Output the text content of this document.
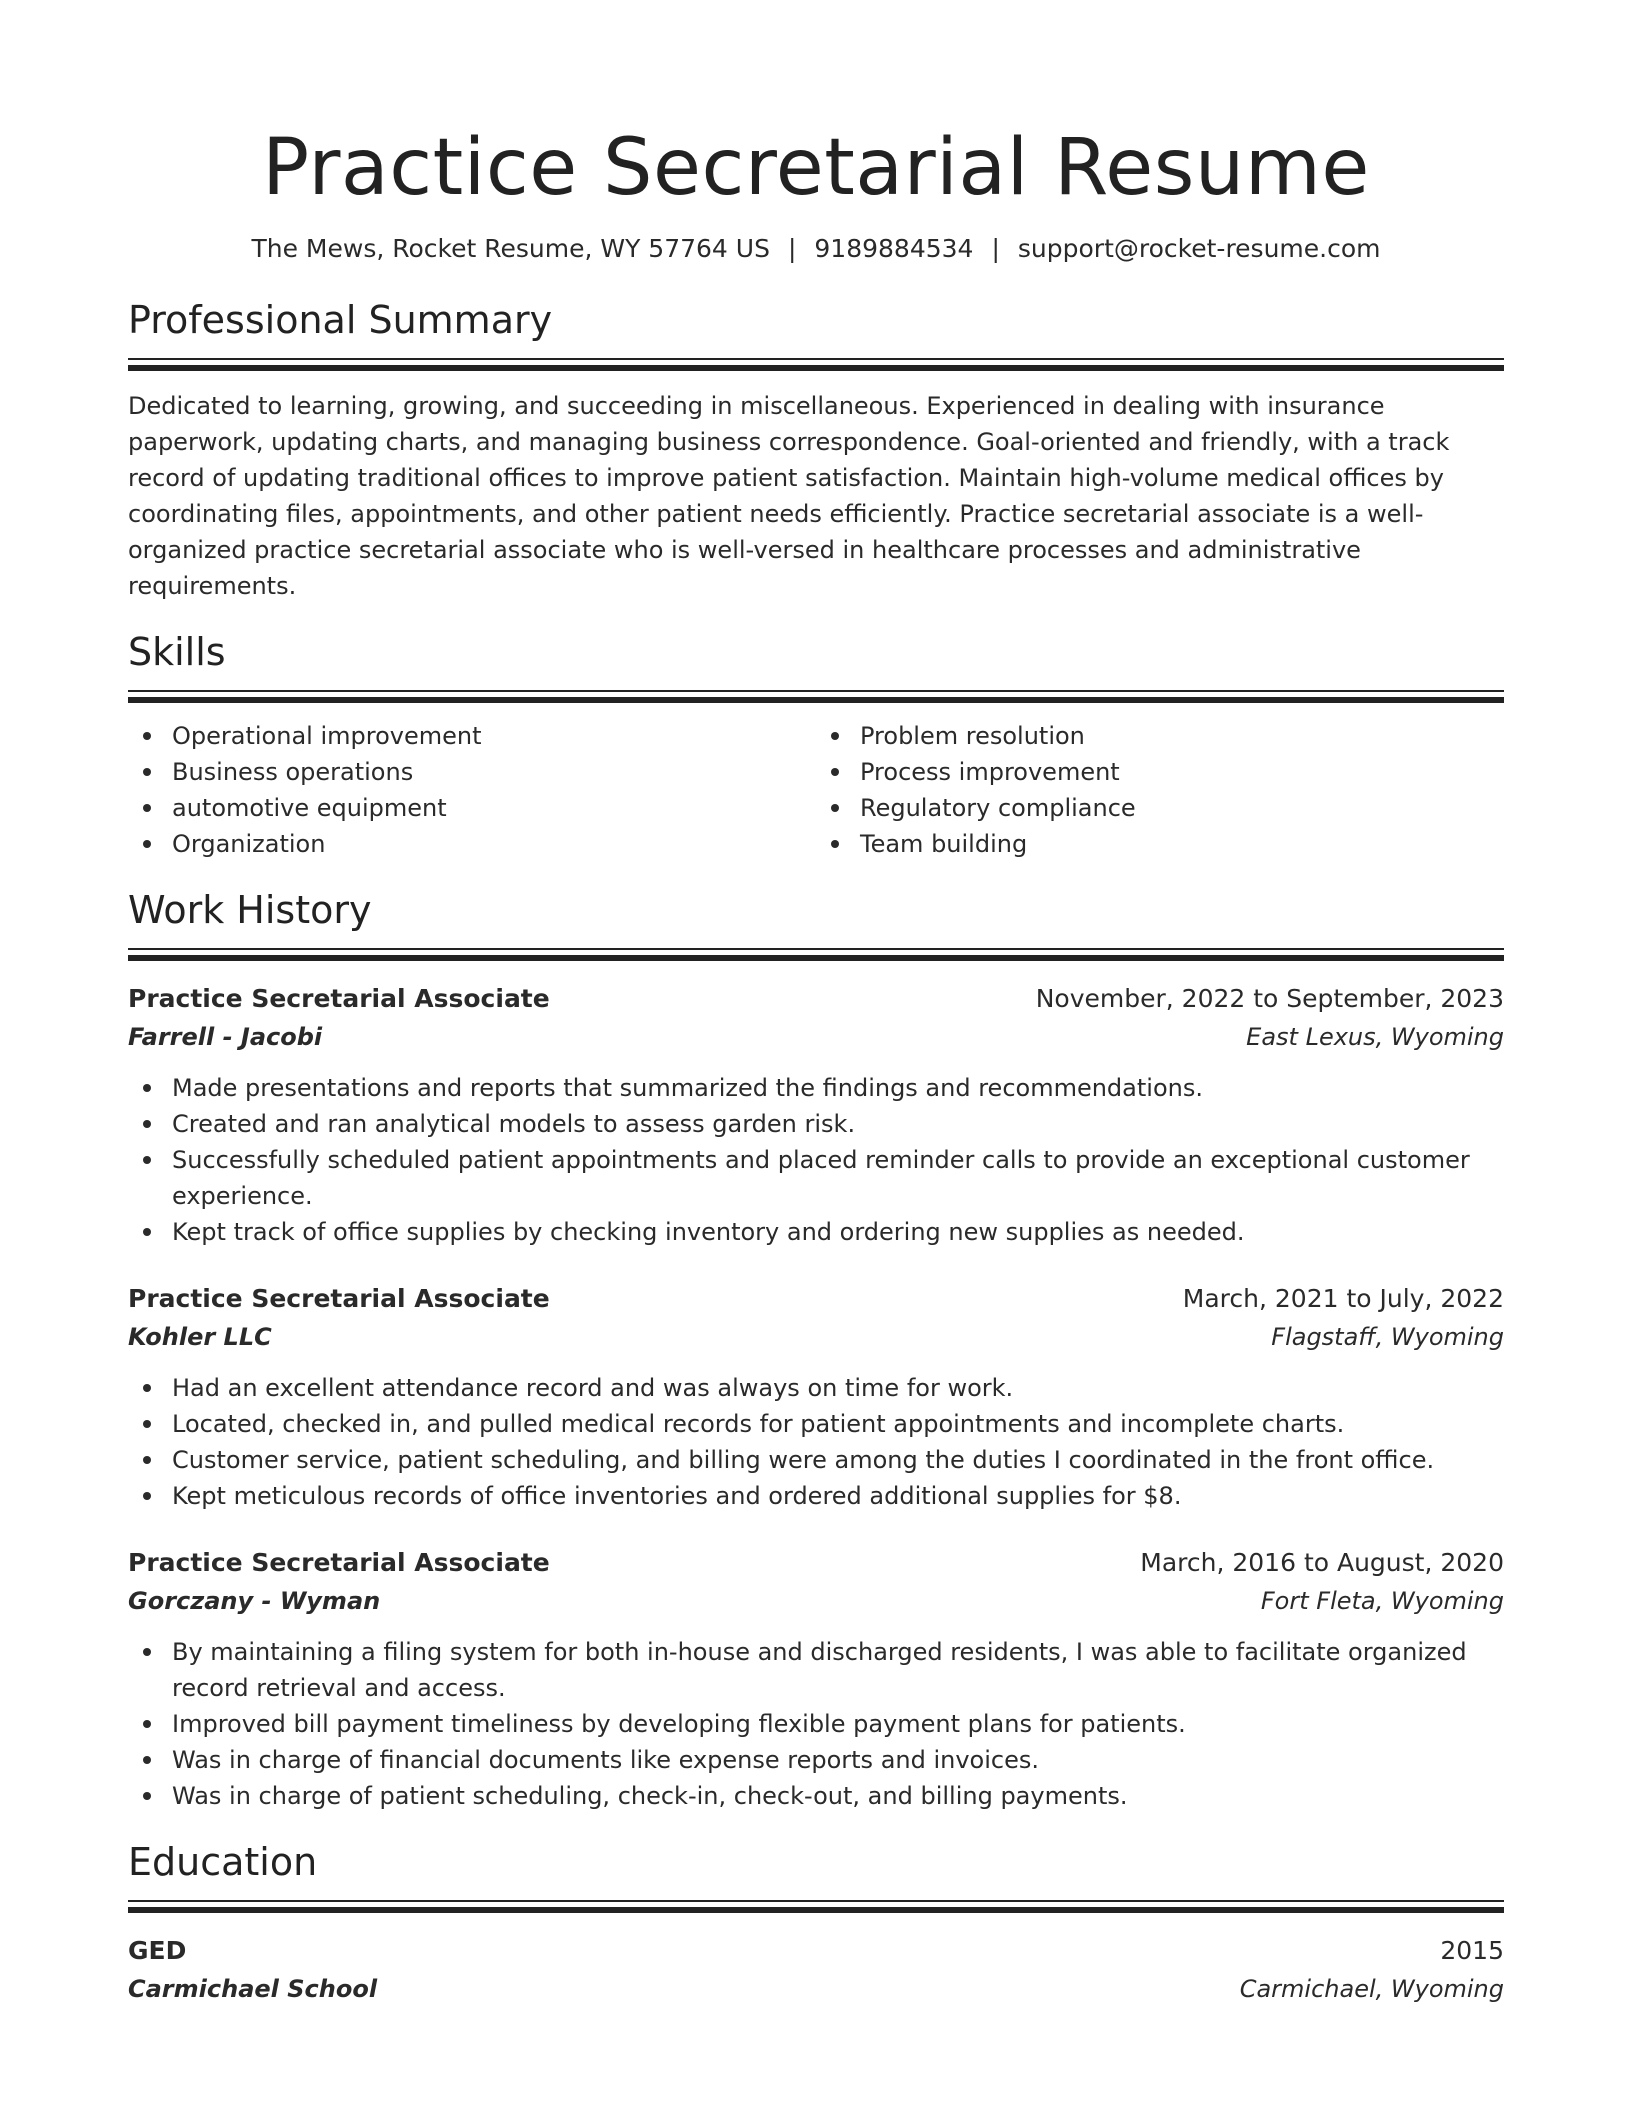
Practice Secretarial Resume
The Mews, Rocket Resume, WY 57764 US | 9189884534 | support@rocket-resume.com
Professional Summary
Dedicated to learning, growing, and succeeding in miscellaneous. Experienced in dealing with insurance paperwork, updating charts, and managing business correspondence. Goal-oriented and friendly, with a track record of updating traditional offices to improve patient satisfaction. Maintain high-volume medical offices by coordinating files, appointments, and other patient needs efficiently. Practice secretarial associate is a well-organized practice secretarial associate who is well-versed in healthcare processes and administrative requirements.
Skills
Operational improvement
Business operations
automotive equipment
Organization
Problem resolution
Process improvement
Regulatory compliance
Team building
Work History
Practice Secretarial Associate	November, 2022 to September, 2023
Farrell - Jacobi	East Lexus, Wyoming
Made presentations and reports that summarized the findings and recommendations.
Created and ran analytical models to assess garden risk.
Successfully scheduled patient appointments and placed reminder calls to provide an exceptional customer experience.
Kept track of office supplies by checking inventory and ordering new supplies as needed.
Practice Secretarial Associate	March, 2021 to July, 2022
Kohler LLC	Flagstaff, Wyoming
Had an excellent attendance record and was always on time for work.
Located, checked in, and pulled medical records for patient appointments and incomplete charts.
Customer service, patient scheduling, and billing were among the duties I coordinated in the front office.
Kept meticulous records of office inventories and ordered additional supplies for $8.
Practice Secretarial Associate	March, 2016 to August, 2020
Gorczany - Wyman	Fort Fleta, Wyoming
By maintaining a filing system for both in-house and discharged residents, I was able to facilitate organized record retrieval and access.
Improved bill payment timeliness by developing flexible payment plans for patients.
Was in charge of financial documents like expense reports and invoices.
Was in charge of patient scheduling, check-in, check-out, and billing payments.
Education
GED	2015
Carmichael School	Carmichael, Wyoming
